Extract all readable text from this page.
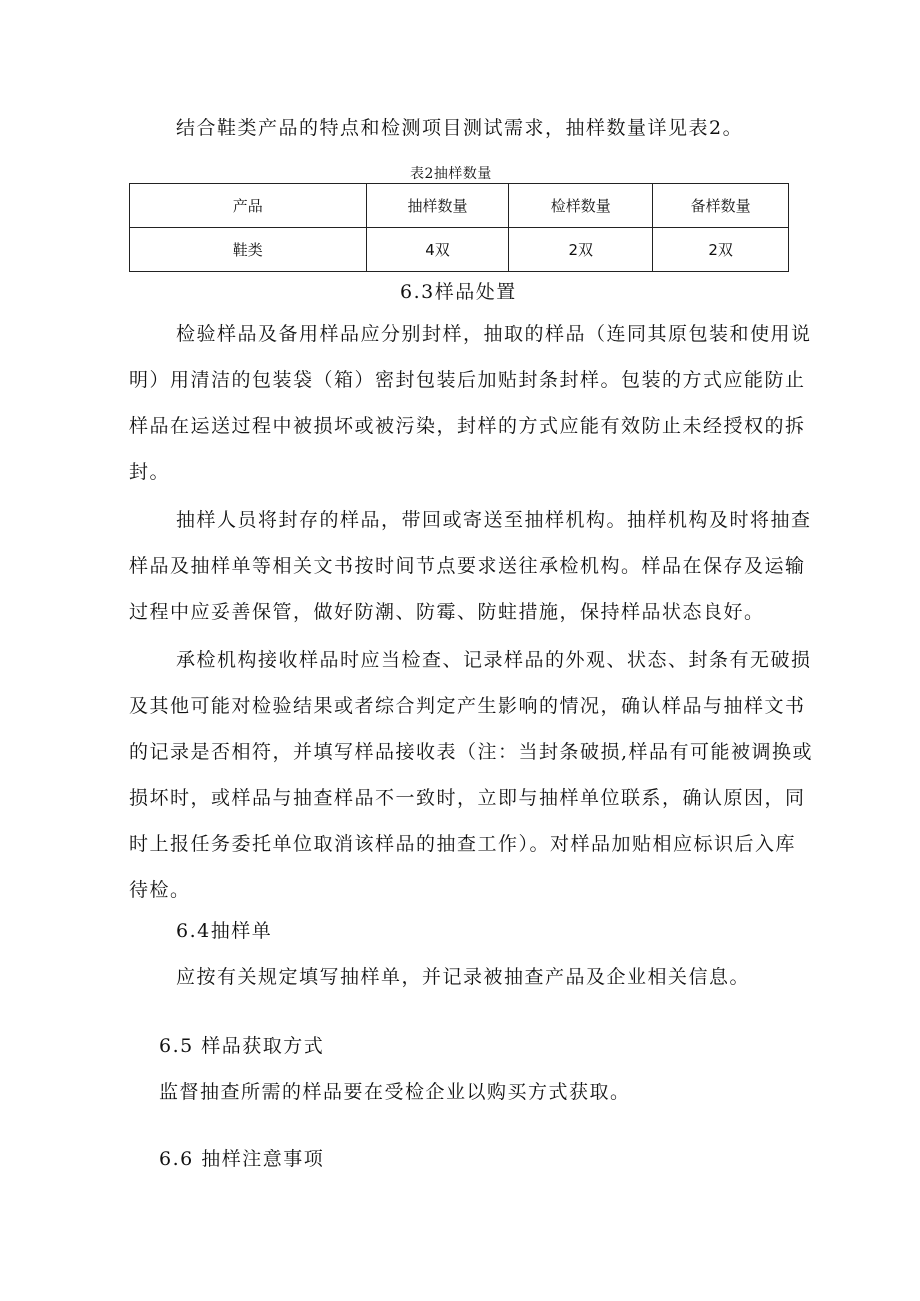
结合鞋类产品的特点和检测项目测试需求，抽样数量详见表2。
表2抽样数量
产品	抽样数量	检样数量	备样数量
鞋类	4双	2双	2双
6.3样品处置
检验样品及备用样品应分别封样，抽取的样品（连同其原包装和使用说
明）用清洁的包装袋（箱）密封包装后加贴封条封样。包装的方式应能防止
样品在运送过程中被损坏或被污染，封样的方式应能有效防止未经授权的拆
封。
抽样人员将封存的样品，带回或寄送至抽样机构。抽样机构及时将抽查
样品及抽样单等相关文书按时间节点要求送往承检机构。样品在保存及运输
过程中应妥善保管，做好防潮、防霉、防蛀措施，保持样品状态良好。
承检机构接收样品时应当检查、记录样品的外观、状态、封条有无破损
及其他可能对检验结果或者综合判定产生影响的情况，确认样品与抽样文书
的记录是否相符，并填写样品接收表（注：当封条破损,样品有可能被调换或
损坏时，或样品与抽查样品不一致时，立即与抽样单位联系，确认原因，同
时上报任务委托单位取消该样品的抽查工作）。对样品加贴相应标识后入库
待检。
6.4抽样单
应按有关规定填写抽样单，并记录被抽查产品及企业相关信息。
6.5 样品获取方式
监督抽查所需的样品要在受检企业以购买方式获取。
6.6 抽样注意事项
